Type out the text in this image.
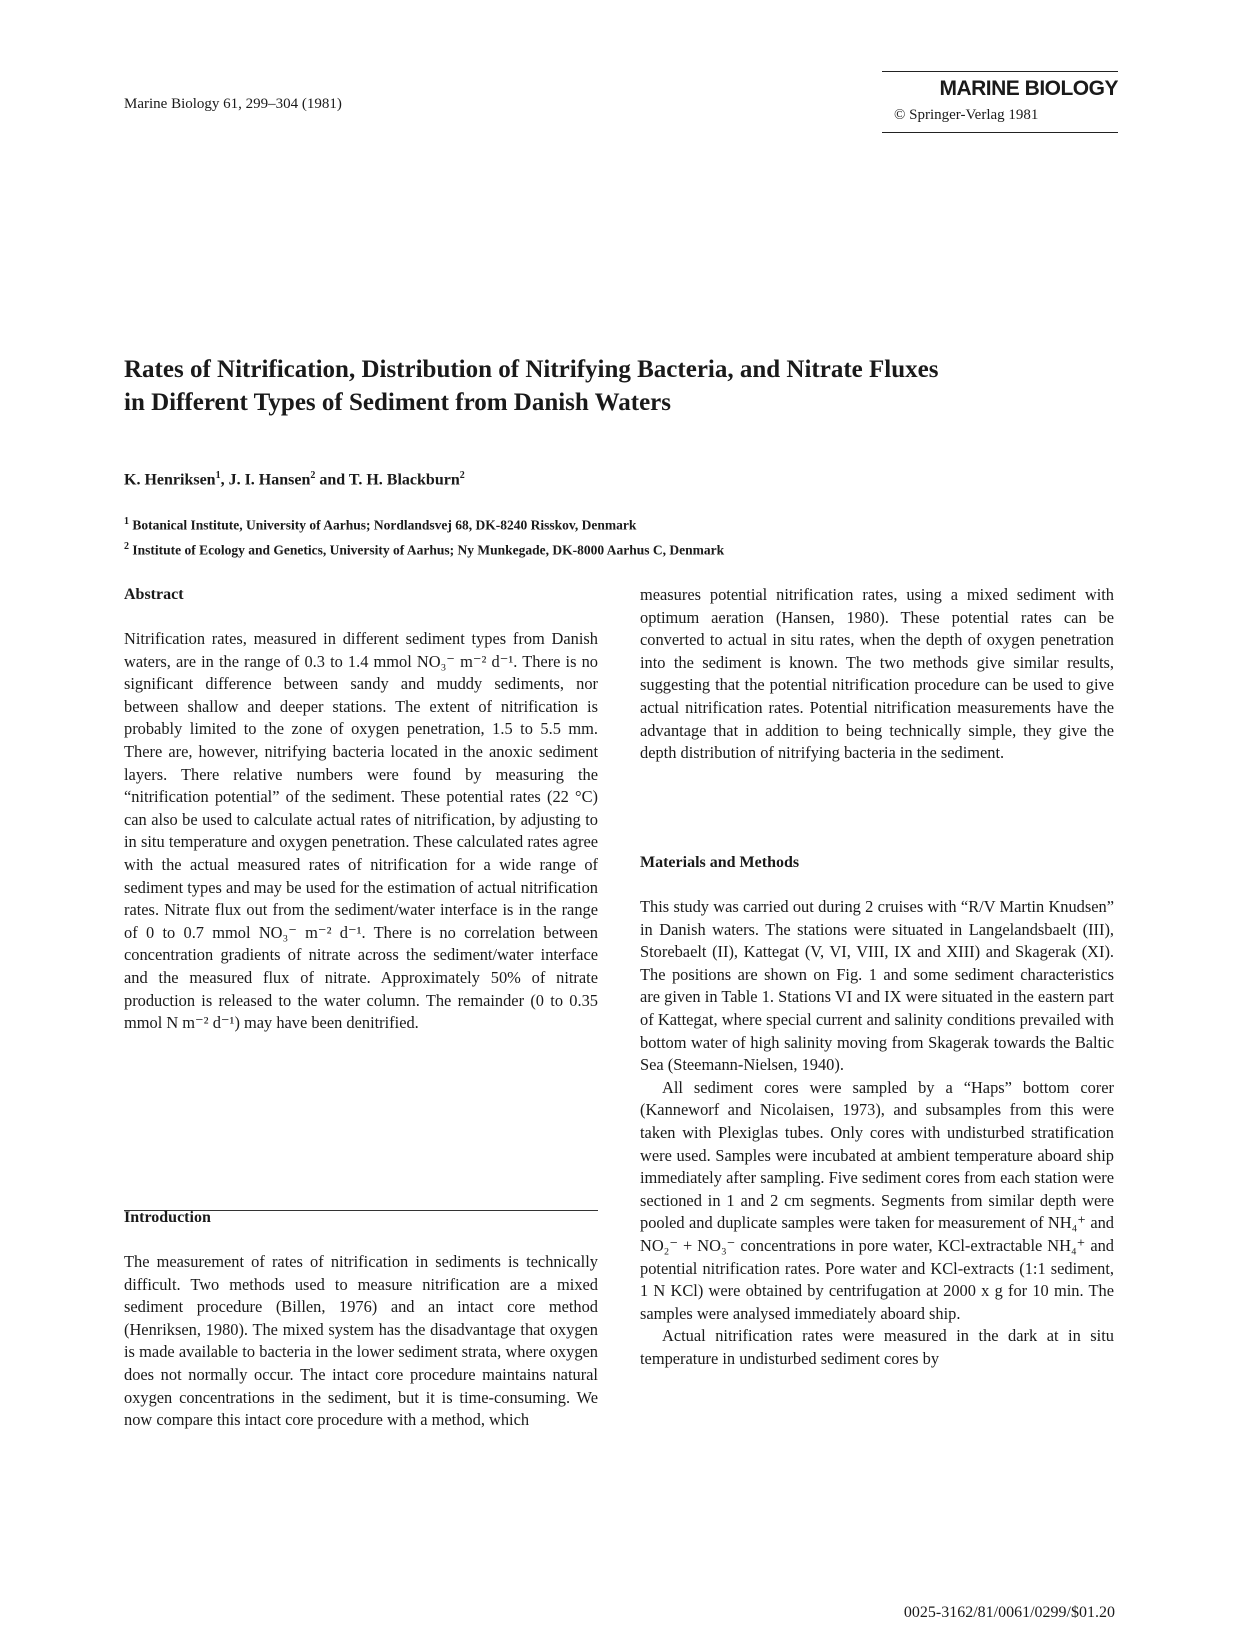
Marine Biology 61, 299–304 (1981)
MARINE BIOLOGY
© Springer-Verlag 1981
Rates of Nitrification, Distribution of Nitrifying Bacteria, and Nitrate Fluxes
in Different Types of Sediment from Danish Waters
K. Henriksen$^1$, J. I. Hansen$^2$ and T. H. Blackburn$^2$
$^1$ Botanical Institute, University of Aarhus; Nordlandsvej 68, DK-8240 Risskov, Denmark
$^2$ Institute of Ecology and Genetics, University of Aarhus; Ny Munkegade, DK-8000 Aarhus C, Denmark

Abstract

Nitrification rates, measured in different sediment types from Danish waters, are in the range of 0.3 to 1.4 mmol NO₃⁻ m⁻² d⁻¹. There is no significant difference between sandy and muddy sediments, nor between shallow and deeper stations. The extent of nitrification is probably limited to the zone of oxygen penetration, 1.5 to 5.5 mm. There are, however, nitrifying bacteria located in the anoxic sediment layers. There relative numbers were found by measuring the “nitrification potential” of the sediment. These potential rates (22 °C) can also be used to calculate actual rates of nitrification, by adjusting to in situ temperature and oxygen penetration. These calculated rates agree with the actual measured rates of nitrification for a wide range of sediment types and may be used for the estimation of actual nitrification rates. Nitrate flux out from the sediment/water interface is in the range of 0 to 0.7 mmol NO₃⁻ m⁻² d⁻¹. There is no correlation between concentration gradients of nitrate across the sediment/water interface and the measured flux of nitrate. Approximately 50% of nitrate production is released to the water column. The remainder (0 to 0.35 mmol N m⁻² d⁻¹) may have been denitrified.

Introduction

The measurement of rates of nitrification in sediments is technically difficult. Two methods used to measure nitrification are a mixed sediment procedure (Billen, 1976) and an intact core method (Henriksen, 1980). The mixed system has the disadvantage that oxygen is made available to bacteria in the lower sediment strata, where oxygen does not normally occur. The intact core procedure maintains natural oxygen concentrations in the sediment, but it is time-consuming. We now compare this intact core procedure with a method, which

measures potential nitrification rates, using a mixed sediment with optimum aeration (Hansen, 1980). These potential rates can be converted to actual in situ rates, when the depth of oxygen penetration into the sediment is known. The two methods give similar results, suggesting that the potential nitrification procedure can be used to give actual nitrification rates. Potential nitrification measurements have the advantage that in addition to being technically simple, they give the depth distribution of nitrifying bacteria in the sediment.

Materials and Methods

This study was carried out during 2 cruises with “R/V Martin Knudsen” in Danish waters. The stations were situated in Langelandsbaelt (III), Storebaelt (II), Kattegat (V, VI, VIII, IX and XIII) and Skagerak (XI). The positions are shown on Fig. 1 and some sediment characteristics are given in Table 1. Stations VI and IX were situated in the eastern part of Kattegat, where special current and salinity conditions prevailed with bottom water of high salinity moving from Skagerak towards the Baltic Sea (Steemann-Nielsen, 1940).

All sediment cores were sampled by a “Haps” bottom corer (Kanneworf and Nicolaisen, 1973), and subsamples from this were taken with Plexiglas tubes. Only cores with undisturbed stratification were used. Samples were incubated at ambient temperature aboard ship immediately after sampling. Five sediment cores from each station were sectioned in 1 and 2 cm segments. Segments from similar depth were pooled and duplicate samples were taken for measurement of NH₄⁺ and NO₂⁻ + NO₃⁻ concentrations in pore water, KCl-extractable NH₄⁺ and potential nitrification rates. Pore water and KCl-extracts (1:1 sediment, 1 N KCl) were obtained by centrifugation at 2000 x g for 10 min. The samples were analysed immediately aboard ship.

Actual nitrification rates were measured in the dark at in situ temperature in undisturbed sediment cores by

0025-3162/81/0061/0299/$01.20
